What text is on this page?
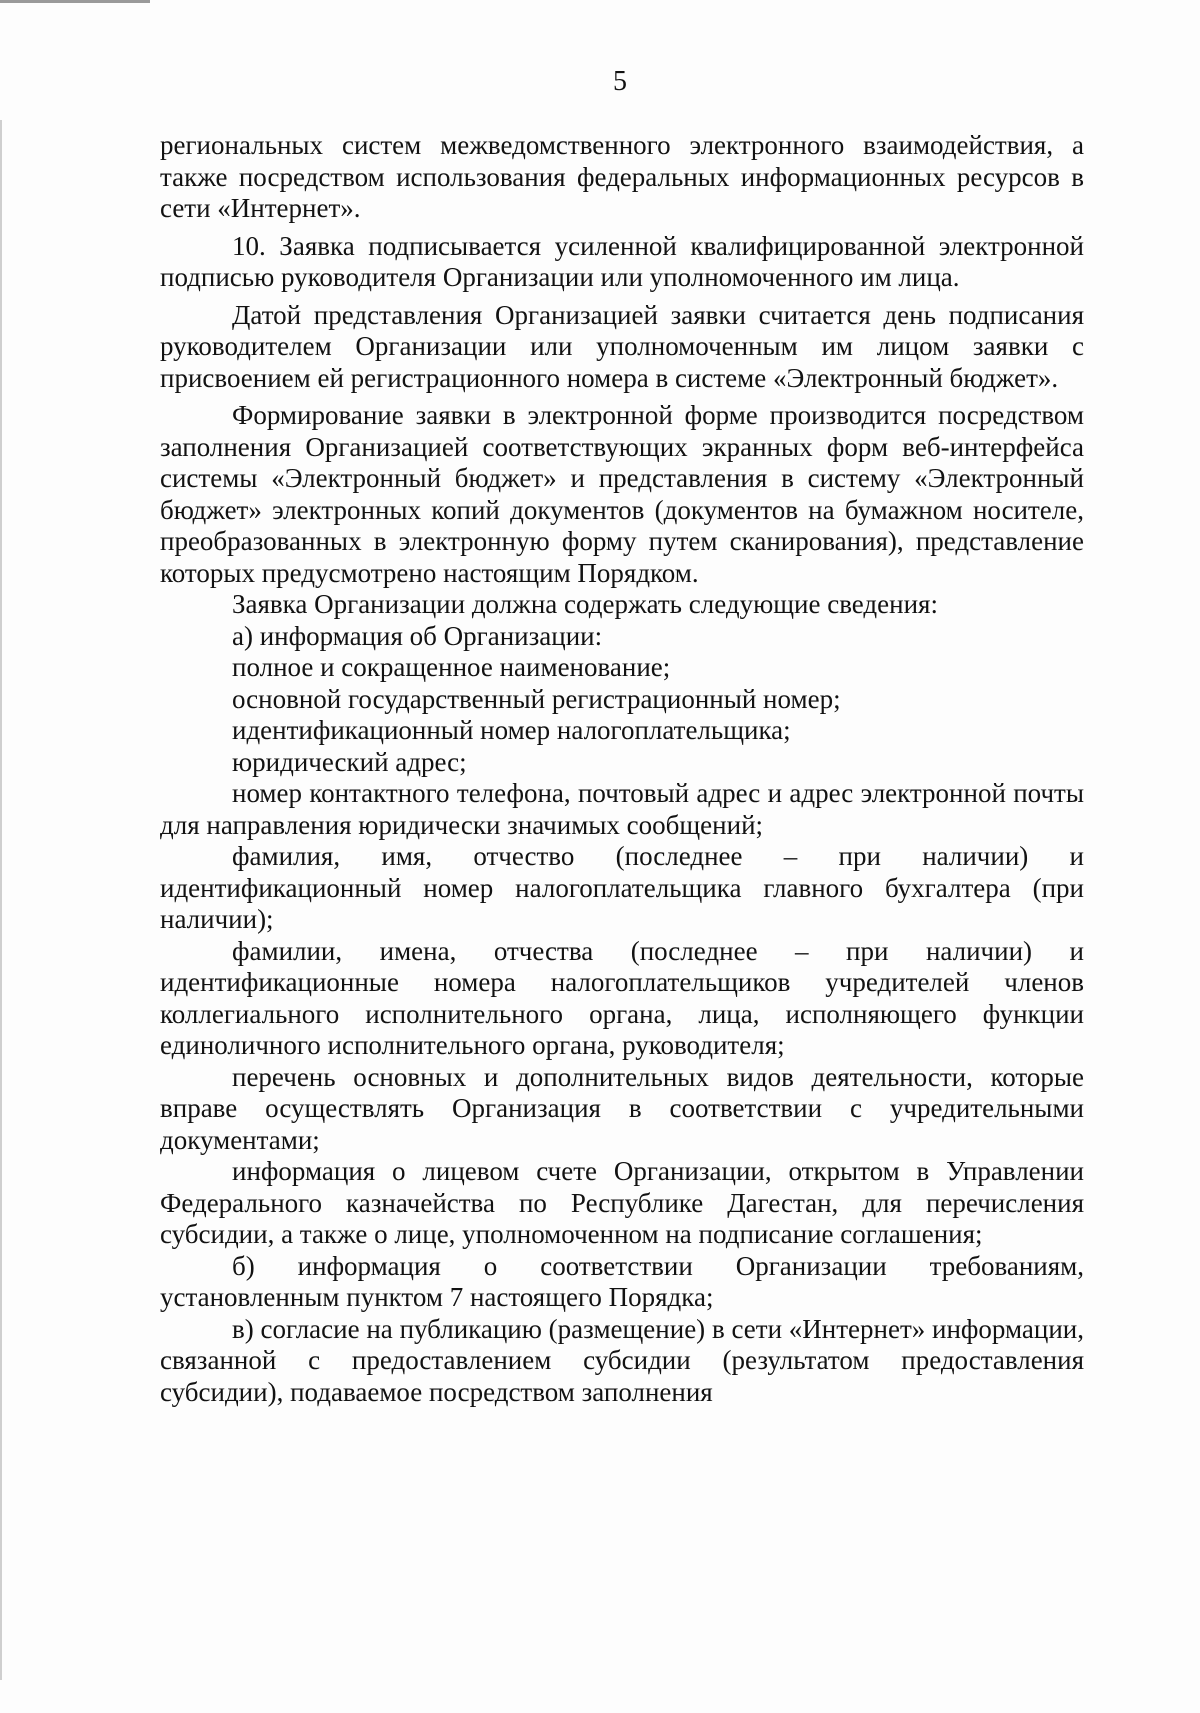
5

региональных систем межведомственного электронного взаимодействия, а также посредством использования федеральных информационных ресурсов в сети «Интернет».

10. Заявка подписывается усиленной квалифицированной электронной подписью руководителя Организации или уполномоченного им лица.

Датой представления Организацией заявки считается день подписания руководителем Организации или уполномоченным им лицом заявки с присвоением ей регистрационного номера в системе «Электронный бюджет».

Формирование заявки в электронной форме производится посредством заполнения Организацией соответствующих экранных форм веб-интерфейса системы «Электронный бюджет» и представления в систему «Электронный бюджет» электронных копий документов (документов на бумажном носителе, преобразованных в электронную форму путем сканирования), представление которых предусмотрено настоящим Порядком.

Заявка Организации должна содержать следующие сведения:

а) информация об Организации:

полное и сокращенное наименование;

основной государственный регистрационный номер;

идентификационный номер налогоплательщика;

юридический адрес;

номер контактного телефона, почтовый адрес и адрес электронной почты для направления юридически значимых сообщений;

фамилия, имя, отчество (последнее – при наличии) и идентификационный номер налогоплательщика главного бухгалтера (при наличии);

фамилии, имена, отчества (последнее – при наличии) и идентификационные номера налогоплательщиков учредителей членов коллегиального исполнительного органа, лица, исполняющего функции единоличного исполнительного органа, руководителя;

перечень основных и дополнительных видов деятельности, которые вправе осуществлять Организация в соответствии с учредительными документами;

информация о лицевом счете Организации, открытом в Управлении Федерального казначейства по Республике Дагестан, для перечисления субсидии, а также о лице, уполномоченном на подписание соглашения;

б) информация о соответствии Организации требованиям, установленным пунктом 7 настоящего Порядка;

в) согласие на публикацию (размещение) в сети «Интернет» информации, связанной с предоставлением субсидии (результатом предоставления субсидии), подаваемое посредством заполнения
